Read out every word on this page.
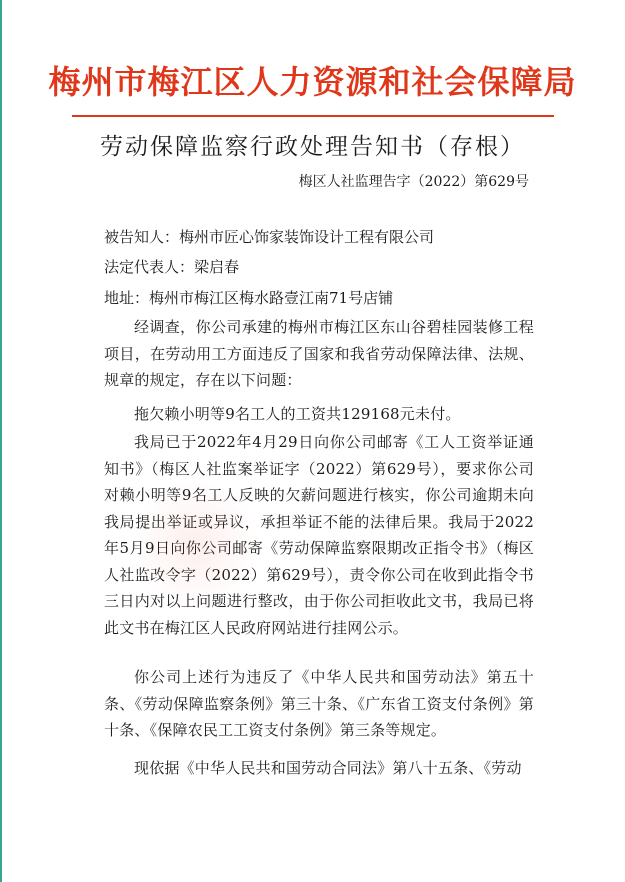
梅州市梅江区人力资源和社会保障局
劳动保障监察行政处理告知书（存根）
梅区人社监理告字（2022）第629号
被告知人：梅州市匠心饰家装饰设计工程有限公司
法定代表人：梁启春
地址：梅州市梅江区梅水路壹江南71号店铺
经调查，你公司承建的梅州市梅江区东山谷碧桂园装修工程项目，在劳动用工方面违反了国家和我省劳动保障法律、法规、规章的规定，存在以下问题：
拖欠赖小明等9名工人的工资共129168元未付。
我局已于2022年4月29日向你公司邮寄《工人工资举证通知书》（梅区人社监案举证字（2022）第629号），要求你公司对赖小明等9名工人反映的欠薪问题进行核实，你公司逾期未向我局提出举证或异议，承担举证不能的法律后果。我局于2022年5月9日向你公司邮寄《劳动保障监察限期改正指令书》（梅区人社监改令字（2022）第629号），责令你公司在收到此指令书三日内对以上问题进行整改，由于你公司拒收此文书，我局已将此文书在梅江区人民政府网站进行挂网公示。
你公司上述行为违反了《中华人民共和国劳动法》第五十条、《劳动保障监察条例》第三十条、《广东省工资支付条例》第十条、《保障农民工工资支付条例》第三条等规定。
现依据《中华人民共和国劳动合同法》第八十五条、《劳动
